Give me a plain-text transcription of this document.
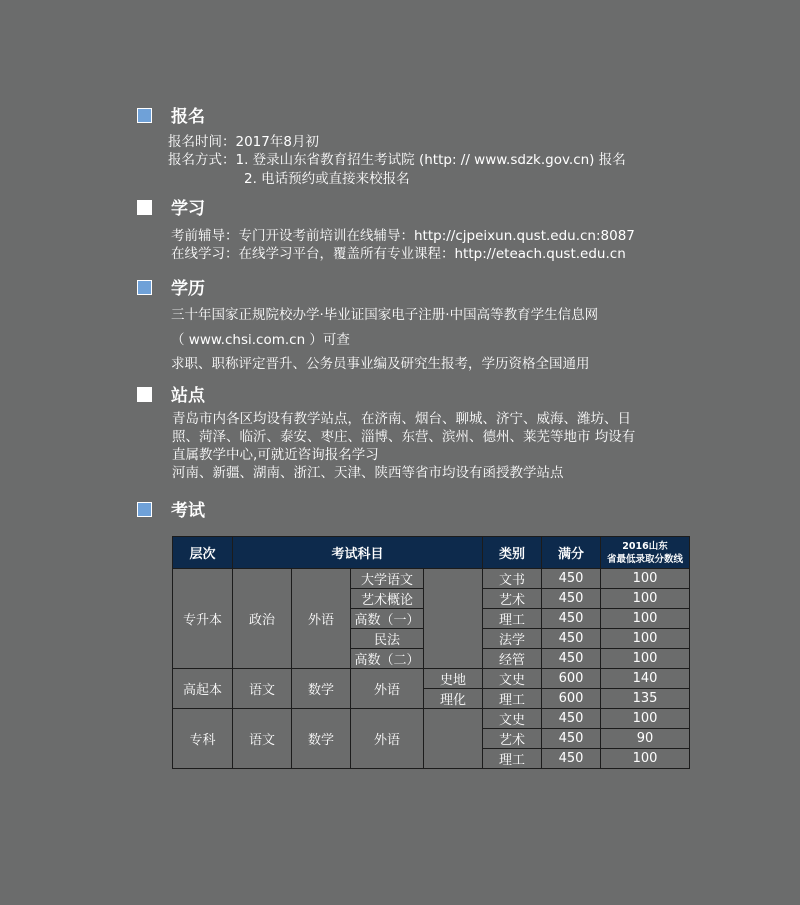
报名
报名时间：2017年8月初
报名方式：1. 登录山东省教育招生考试院 (http: // www.sdzk.gov.cn) 报名
2. 电话预约或直接来校报名
学习
考前辅导：专门开设考前培训在线辅导：http://cjpeixun.qust.edu.cn:8087
在线学习：在线学习平台，覆盖所有专业课程：http://eteach.qust.edu.cn
学历
三十年国家正规院校办学·毕业证国家电子注册·中国高等教育学生信息网
（ www.chsi.com.cn ）可查
求职、职称评定晋升、公务员事业编及研究生报考，学历资格全国通用
站点
青岛市内各区均设有教学站点，在济南、烟台、聊城、济宁、威海、潍坊、日
照、菏泽、临沂、泰安、枣庄、淄博、东营、滨州、德州、莱芜等地市 均设有
直属教学中心,可就近咨询报名学习
河南、新疆、湖南、浙江、天津、陕西等省市均设有函授教学站点
考试
层次	考试科目				类别	满分	2016山东
省最低录取分数线

专升本	政治	外语	大学语文		文书	450	100
			艺术概论		艺术	450	100
			高数（一）		理工	450	100
			民法		法学	450	100
			高数（二）		经管	450	100
高起本	语文	数学	外语	史地	文史	600	140
				理化	理工	600	135
专科	语文	数学	外语		文史	450	100
					艺术	450	90
					理工	450	100
